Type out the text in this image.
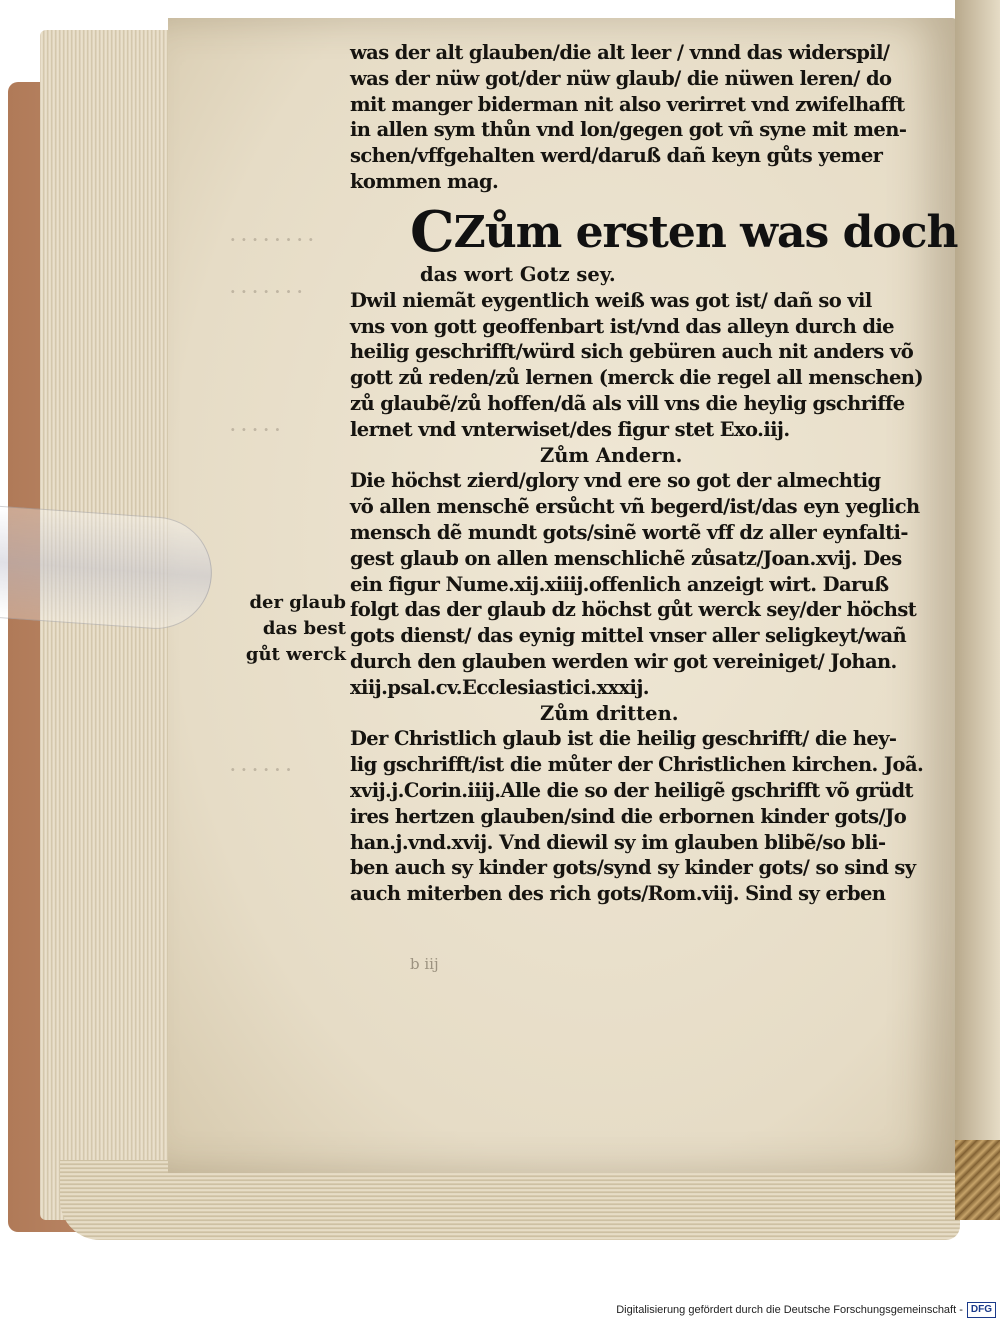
· · · · · · · ·
· · · · · · ·
· · · · ·
· · · · · ·
was der alt glauben/die alt leer / vnnd das widerspil/
was der nüw got/der nüw glaub/ die nüwen leren/ do
mit manger biderman nit also verirret vnd zwifelhafft
in allen sym thůn vnd lon/gegen got vñ syne mit men-
schen/vffgehalten werd/daruß dañ keyn gůts yemer
kommen mag.
CZům ersten was doch
das wort Gotz sey.
Dwil niemãt eygentlich weiß was got ist/ dañ so vil
vns von gott geoffenbart ist/vnd das alleyn durch die
heilig geschrifft/würd sich gebüren auch nit anders võ
gott zů reden/zů lernen (merck die regel all menschen)
zů glaubẽ/zů hoffen/dã als vill vns die heylig gschriffe
lernet vnd vnterwiset/des figur stet Exo.iij.
Zům Andern.
Die höchst zierd/glory vnd ere so got der almechtig
võ allen menschẽ ersůcht vñ begerd/ist/das eyn yeglich
mensch dẽ mundt gots/sinẽ wortẽ vff dz aller eynfalti-
gest glaub on allen menschlichẽ zůsatz/Joan.xvij. Des
ein figur Nume.xij.xiiij.offenlich anzeigt wirt. Daruß
folgt das der glaub dz höchst gůt werck sey/der höchst
gots dienst/ das eynig mittel vnser aller seligkeyt/wañ
durch den glauben werden wir got vereiniget/ Johan.
xiij.psal.cv.Ecclesiastici.xxxij.
Zům dritten.
Der Christlich glaub ist die heilig geschrifft/ die hey-
lig gschrifft/ist die můter der Christlichen kirchen. Joã.
xvij.j.Corin.iiij.Alle die so der heiligẽ gschrifft võ grüdt
ires hertzen glauben/sind die erbornen kinder gots/Jo
han.j.vnd.xvij. Vnd diewil sy im glauben blibẽ/so bli-
ben auch sy kinder gots/synd sy kinder gots/ so sind sy
auch miterben des rich gots/Rom.viij. Sind sy erben
der glaub
das best
gůt werck
b iij
Digitalisierung gefördert durch die Deutsche Forschungsgemeinschaft - DFG
